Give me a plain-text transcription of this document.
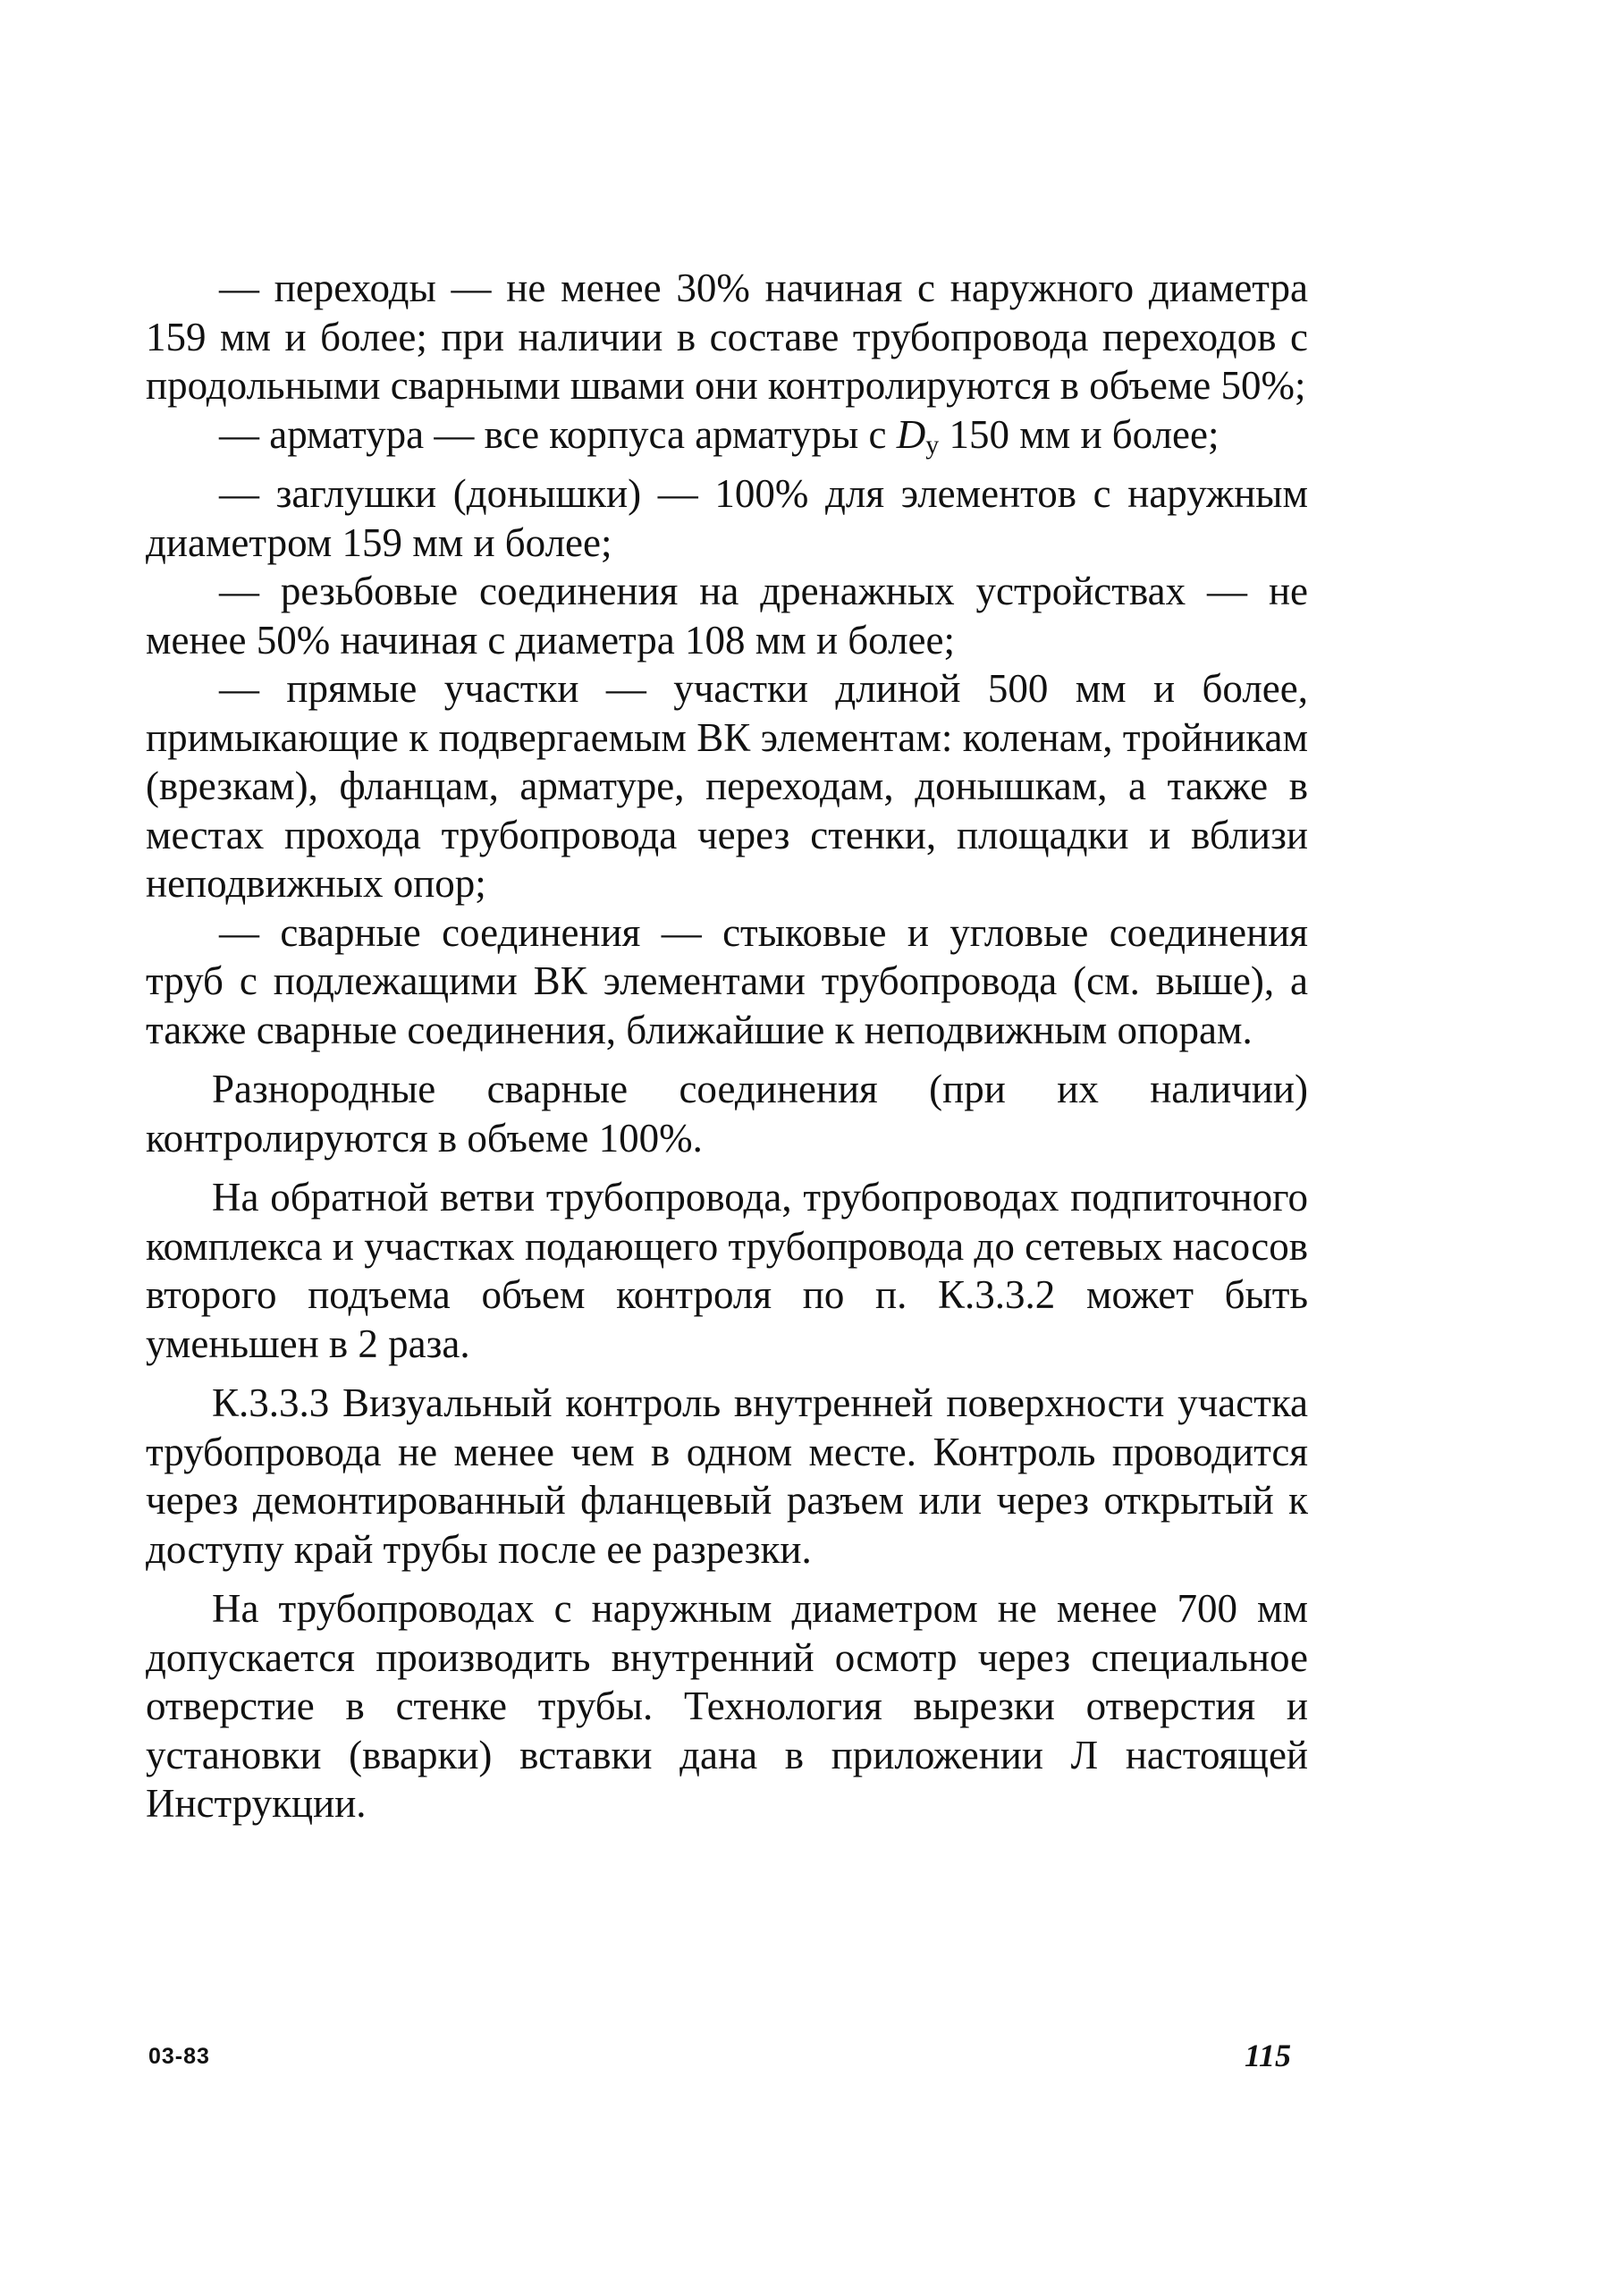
— переходы — не менее 30% начиная с наружного диаметра 159 мм и более; при наличии в составе трубопровода переходов с продольными сварными швами они контролируются в объеме 50%;

— арматура — все корпуса арматуры с $D_у$ 150 мм и более;

— заглушки (донышки) — 100% для элементов с наружным диаметром 159 мм и более;

— резьбовые соединения на дренажных устройствах — не менее 50% начиная с диаметра 108 мм и более;

— прямые участки — участки длиной 500 мм и более, примыкающие к подвергаемым ВК элементам: коленам, тройникам (врезкам), фланцам, арматуре, переходам, донышкам, а также в местах прохода трубопровода через стенки, площадки и вблизи неподвижных опор;

— сварные соединения — стыковые и угловые соединения труб с подлежащими ВК элементами трубопровода (см. выше), а также сварные соединения, ближайшие к неподвижным опорам.

Разнородные сварные соединения (при их наличии) контролируются в объеме 100%.

На обратной ветви трубопровода, трубопроводах подпиточного комплекса и участках подающего трубопровода до сетевых насосов второго подъема объем контроля по п. К.3.3.2 может быть уменьшен в 2 раза.

К.3.3.3 Визуальный контроль внутренней поверхности участка трубопровода не менее чем в одном месте. Контроль проводится через демонтированный фланцевый разъем или через открытый к доступу край трубы после ее разрезки.

На трубопроводах с наружным диаметром не менее 700 мм допускается производить внутренний осмотр через специальное отверстие в стенке трубы. Технология вырезки отверстия и установки (вварки) вставки дана в приложении Л настоящей Инструкции.

03-83	115
